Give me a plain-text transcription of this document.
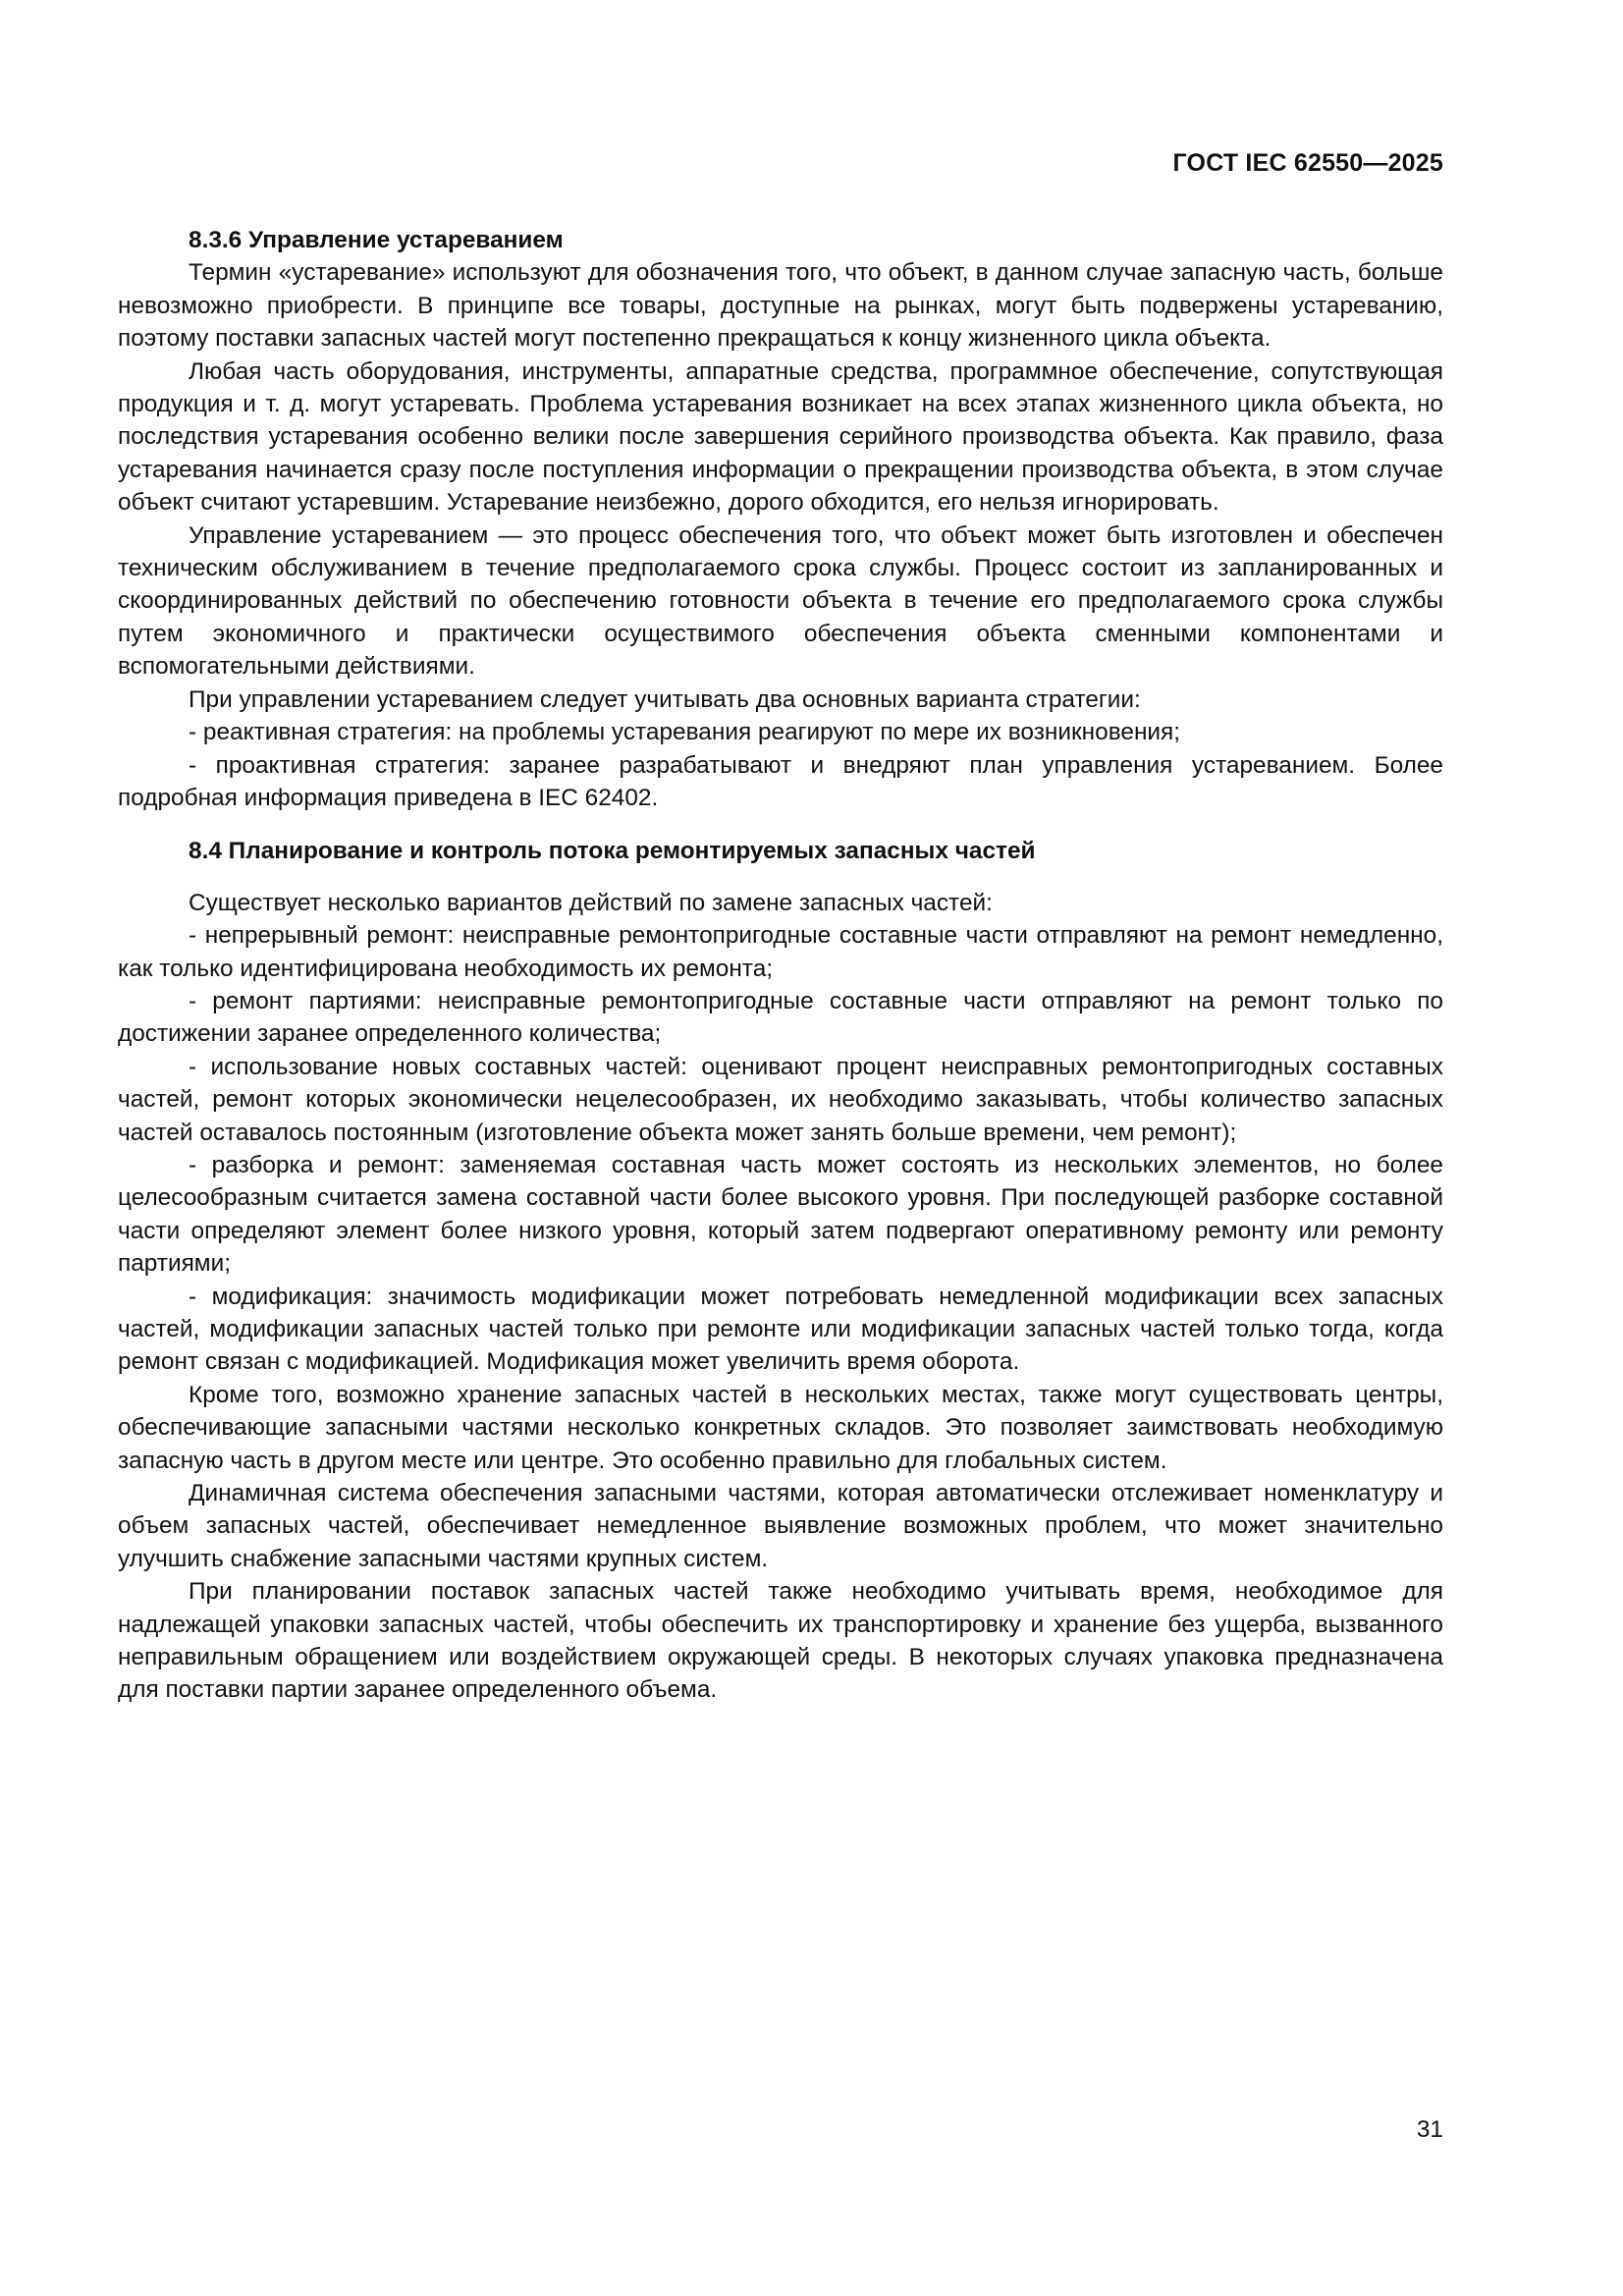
ГОСТ IEC 62550—2025
8.3.6 Управление устареванием

Термин «устаревание» используют для обозначения того, что объект, в данном случае запасную часть, больше невозможно приобрести. В принципе все товары, доступные на рынках, могут быть подвержены устареванию, поэтому поставки запасных частей могут постепенно прекращаться к концу жизненного цикла объекта.

Любая часть оборудования, инструменты, аппаратные средства, программное обеспечение, сопутствующая продукция и т. д. могут устаревать. Проблема устаревания возникает на всех этапах жизненного цикла объекта, но последствия устаревания особенно велики после завершения серийного производства объекта. Как правило, фаза устаревания начинается сразу после поступления информации о прекращении производства объекта, в этом случае объект считают устаревшим. Устаревание неизбежно, дорого обходится, его нельзя игнорировать.

Управление устареванием — это процесс обеспечения того, что объект может быть изготовлен и обеспечен техническим обслуживанием в течение предполагаемого срока службы. Процесс состоит из запланированных и скоординированных действий по обеспечению готовности объекта в течение его предполагаемого срока службы путем экономичного и практически осуществимого обеспечения объекта сменными компонентами и вспомогательными действиями.

При управлении устареванием следует учитывать два основных варианта стратегии:

- реактивная стратегия: на проблемы устаревания реагируют по мере их возникновения;

- проактивная стратегия: заранее разрабатывают и внедряют план управления устареванием. Более подробная информация приведена в IEC 62402.

8.4 Планирование и контроль потока ремонтируемых запасных частей

Существует несколько вариантов действий по замене запасных частей:

- непрерывный ремонт: неисправные ремонтопригодные составные части отправляют на ремонт немедленно, как только идентифицирована необходимость их ремонта;

- ремонт партиями: неисправные ремонтопригодные составные части отправляют на ремонт только по достижении заранее определенного количества;

- использование новых составных частей: оценивают процент неисправных ремонтопригодных составных частей, ремонт которых экономически нецелесообразен, их необходимо заказывать, чтобы количество запасных частей оставалось постоянным (изготовление объекта может занять больше времени, чем ремонт);

- разборка и ремонт: заменяемая составная часть может состоять из нескольких элементов, но более целесообразным считается замена составной части более высокого уровня. При последующей разборке составной части определяют элемент более низкого уровня, который затем подвергают оперативному ремонту или ремонту партиями;

- модификация: значимость модификации может потребовать немедленной модификации всех запасных частей, модификации запасных частей только при ремонте или модификации запасных частей только тогда, когда ремонт связан с модификацией. Модификация может увеличить время оборота.

Кроме того, возможно хранение запасных частей в нескольких местах, также могут существовать центры, обеспечивающие запасными частями несколько конкретных складов. Это позволяет заимствовать необходимую запасную часть в другом месте или центре. Это особенно правильно для глобальных систем.

Динамичная система обеспечения запасными частями, которая автоматически отслеживает номенклатуру и объем запасных частей, обеспечивает немедленное выявление возможных проблем, что может значительно улучшить снабжение запасными частями крупных систем.

При планировании поставок запасных частей также необходимо учитывать время, необходимое для надлежащей упаковки запасных частей, чтобы обеспечить их транспортировку и хранение без ущерба, вызванного неправильным обращением или воздействием окружающей среды. В некоторых случаях упаковка предназначена для поставки партии заранее определенного объема.

31
